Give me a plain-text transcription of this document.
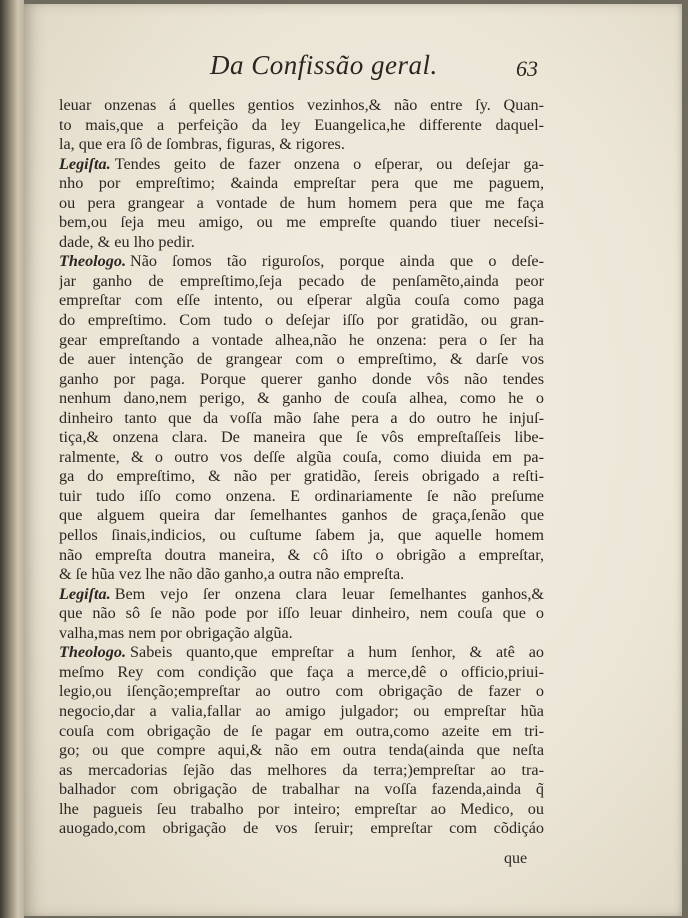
Da Confissão geral.	63
leuar onzenas á quelles gentios vezinhos,& não entre ſy. Quan-
to mais,que a perfeição da ley Euangelica,he differente daquel-
la, que era ſô de ſombras, figuras, & rigores.
Legiſta. Tendes geito de fazer onzena o eſperar, ou deſejar ga-
nho por empreſtimo; &ainda empreſtar pera que me paguem,
ou pera grangear a vontade de hum homem pera que me faça
bem,ou ſeja meu amigo, ou me empreſte quando tiuer neceſsi-
dade, & eu lho pedir.
Theologo. Não ſomos tão riguroſos, porque ainda que o deſe-
jar ganho de empreſtimo,ſeja pecado de penſamẽto,ainda peor
empreſtar com eſſe intento, ou eſperar algũa couſa como paga
do empreſtimo. Com tudo o deſejar iſſo por gratidão, ou gran-
gear empreſtando a vontade alhea,não he onzena: pera o ſer ha
de auer intenção de grangear com o empreſtimo, & darſe vos
ganho por paga. Porque querer ganho donde vôs não tendes
nenhum dano,nem perigo, & ganho de couſa alhea, como he o
dinheiro tanto que da voſſa mão ſahe pera a do outro he injuſ-
tiça,& onzena clara. De maneira que ſe vôs empreſtaſſeis libe-
ralmente, & o outro vos deſſe algũa couſa, como diuida em pa-
ga do empreſtimo, & não per gratidão, ſereis obrigado a reſti-
tuir tudo iſſo como onzena. E ordinariamente ſe não preſume
que alguem queira dar ſemelhantes ganhos de graça,ſenão que
pellos ſinais,indicios, ou cuſtume ſabem ja, que aquelle homem
não empreſta doutra maneira, & cô iſto o obrigão a empreſtar,
& ſe hũa vez lhe não dão ganho,a outra não empreſta.
Legiſta. Bem vejo ſer onzena clara leuar ſemelhantes ganhos,&
que não sô ſe não pode por iſſo leuar dinheiro, nem couſa que o
valha,mas nem por obrigação algũa.
Theologo. Sabeis quanto,que empreſtar a hum ſenhor, & atê ao
meſmo Rey com condição que faça a merce,dê o officio,priui-
legio,ou iſenção;empreſtar ao outro com obrigação de fazer o
negocio,dar a valia,fallar ao amigo julgador; ou empreſtar hũa
couſa com obrigação de ſe pagar em outra,como azeite em tri-
go; ou que compre aqui,& não em outra tenda(ainda que neſta
as mercadorias ſejão das melhores da terra;)empreſtar ao tra-
balhador com obrigação de trabalhar na voſſa fazenda,ainda q̃
lhe pagueis ſeu trabalho por inteiro; empreſtar ao Medico, ou
auogado,com obrigação de vos ſeruir; empreſtar com cõdiçáo
que
